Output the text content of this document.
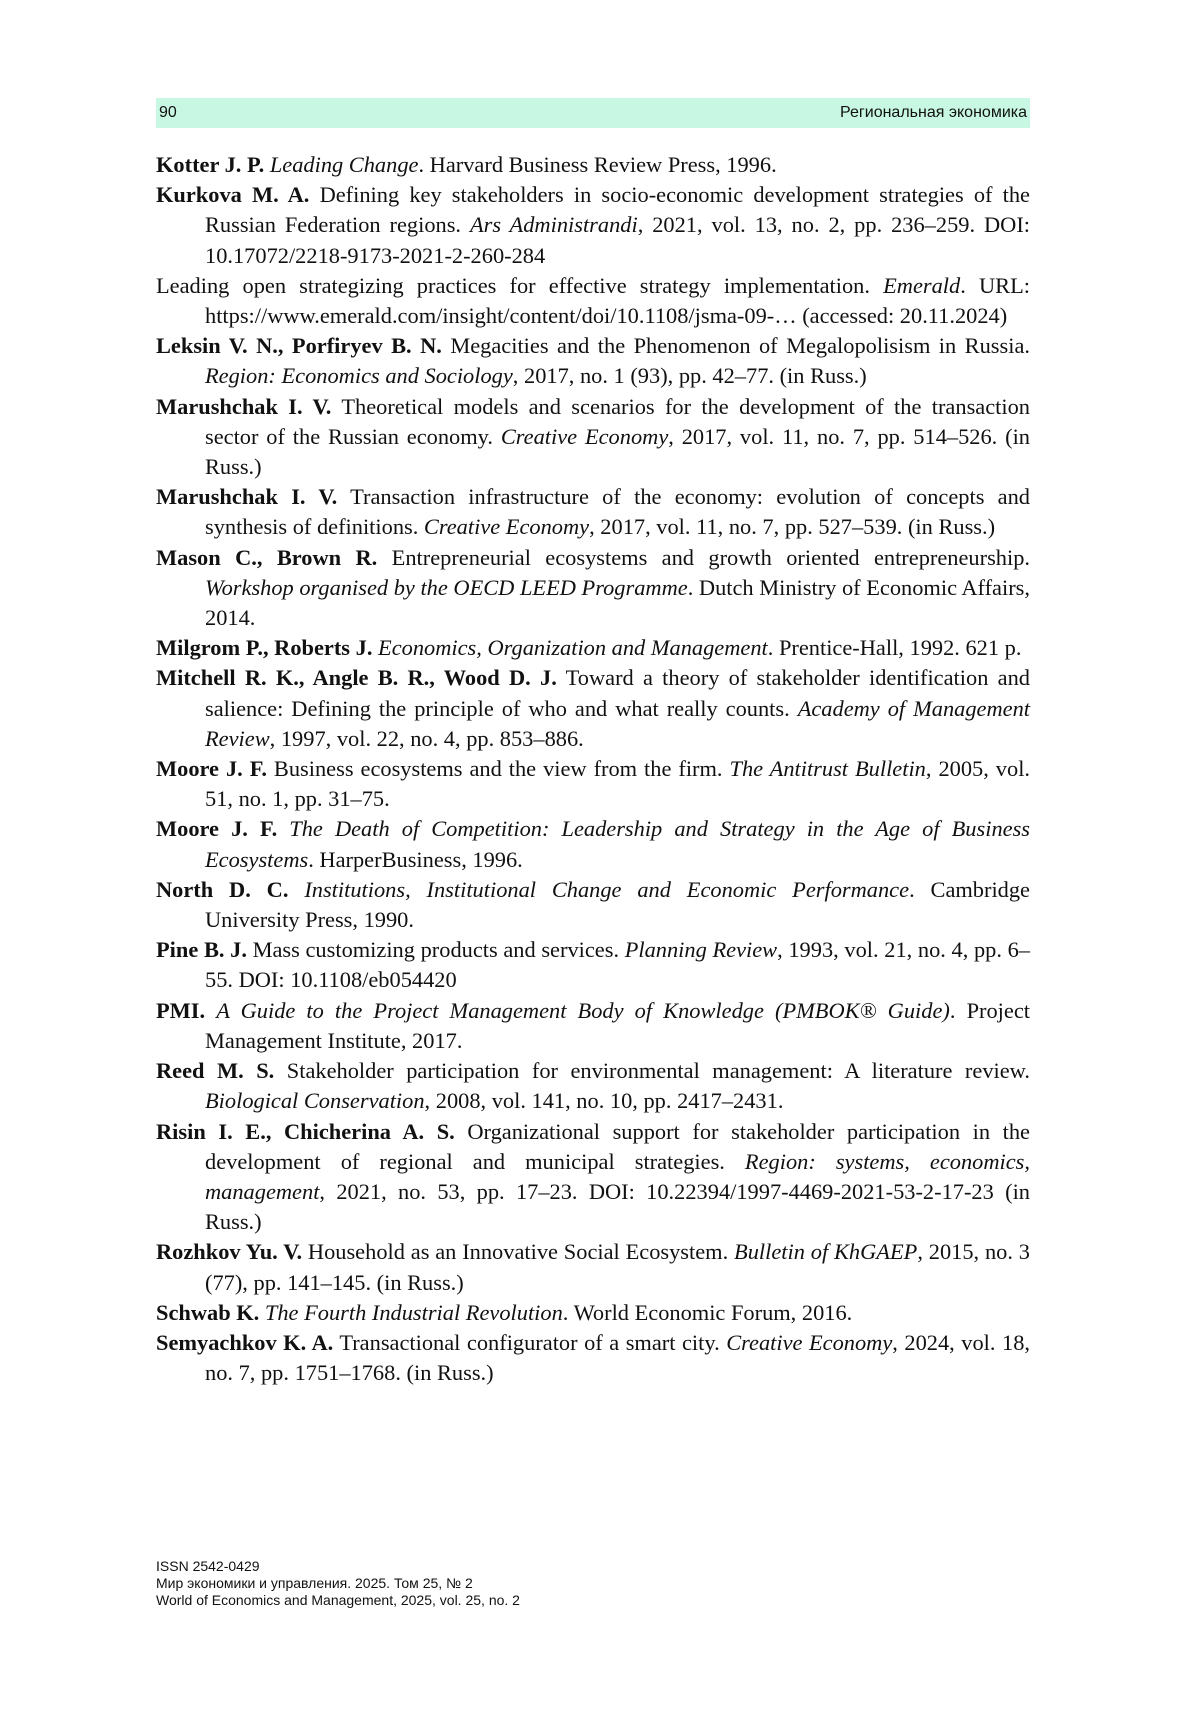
90	Региональная экономика

Kotter J. P. Leading Change. Harvard Business Review Press, 1996.

Kurkova M. A. Defining key stakeholders in socio-economic development strategies of the Russian Federation regions. Ars Administrandi, 2021, vol. 13, no. 2, pp. 236–259. DOI: 10.17072/2218-9173-2021-2-260-284

Leading open strategizing practices for effective strategy implementation. Emerald. URL: https://www.emerald.com/insight/content/doi/10.1108/jsma-09-… (accessed: 20.11.2024)

Leksin V. N., Porfiryev B. N. Megacities and the Phenomenon of Megalopolisism in Russia. Region: Economics and Sociology, 2017, no. 1 (93), pp. 42–77. (in Russ.)

Marushchak I. V. Theoretical models and scenarios for the development of the transaction sector of the Russian economy. Creative Economy, 2017, vol. 11, no. 7, pp. 514–526. (in Russ.)

Marushchak I. V. Transaction infrastructure of the economy: evolution of concepts and synthesis of definitions. Creative Economy, 2017, vol. 11, no. 7, pp. 527–539. (in Russ.)

Mason C., Brown R. Entrepreneurial ecosystems and growth oriented entrepreneurship. Workshop organised by the OECD LEED Programme. Dutch Ministry of Economic Affairs, 2014.

Milgrom P., Roberts J. Economics, Organization and Management. Prentice-Hall, 1992. 621 p.

Mitchell R. K., Angle B. R., Wood D. J. Toward a theory of stakeholder identification and salience: Defining the principle of who and what really counts. Academy of Management Review, 1997, vol. 22, no. 4, pp. 853–886.

Moore J. F. Business ecosystems and the view from the firm. The Antitrust Bulletin, 2005, vol. 51, no. 1, pp. 31–75.

Moore J. F. The Death of Competition: Leadership and Strategy in the Age of Business Ecosystems. HarperBusiness, 1996.

North D. C. Institutions, Institutional Change and Economic Performance. Cambridge University Press, 1990.

Pine B. J. Mass customizing products and services. Planning Review, 1993, vol. 21, no. 4, pp. 6–55. DOI: 10.1108/eb054420

PMI. A Guide to the Project Management Body of Knowledge (PMBOK® Guide). Project Management Institute, 2017.

Reed M. S. Stakeholder participation for environmental management: A literature review. Biological Conservation, 2008, vol. 141, no. 10, pp. 2417–2431.

Risin I. E., Chicherina A. S. Organizational support for stakeholder participation in the development of regional and municipal strategies. Region: systems, economics, management, 2021, no. 53, pp. 17–23. DOI: 10.22394/1997-4469-2021-53-2-17-23 (in Russ.)

Rozhkov Yu. V. Household as an Innovative Social Ecosystem. Bulletin of KhGAEP, 2015, no. 3 (77), pp. 141–145. (in Russ.)

Schwab K. The Fourth Industrial Revolution. World Economic Forum, 2016.

Semyachkov K. A. Transactional configurator of a smart city. Creative Economy, 2024, vol. 18, no. 7, pp. 1751–1768. (in Russ.)

ISSN 2542-0429
Мир экономики и управления. 2025. Том 25, № 2
World of Economics and Management, 2025, vol. 25, no. 2
